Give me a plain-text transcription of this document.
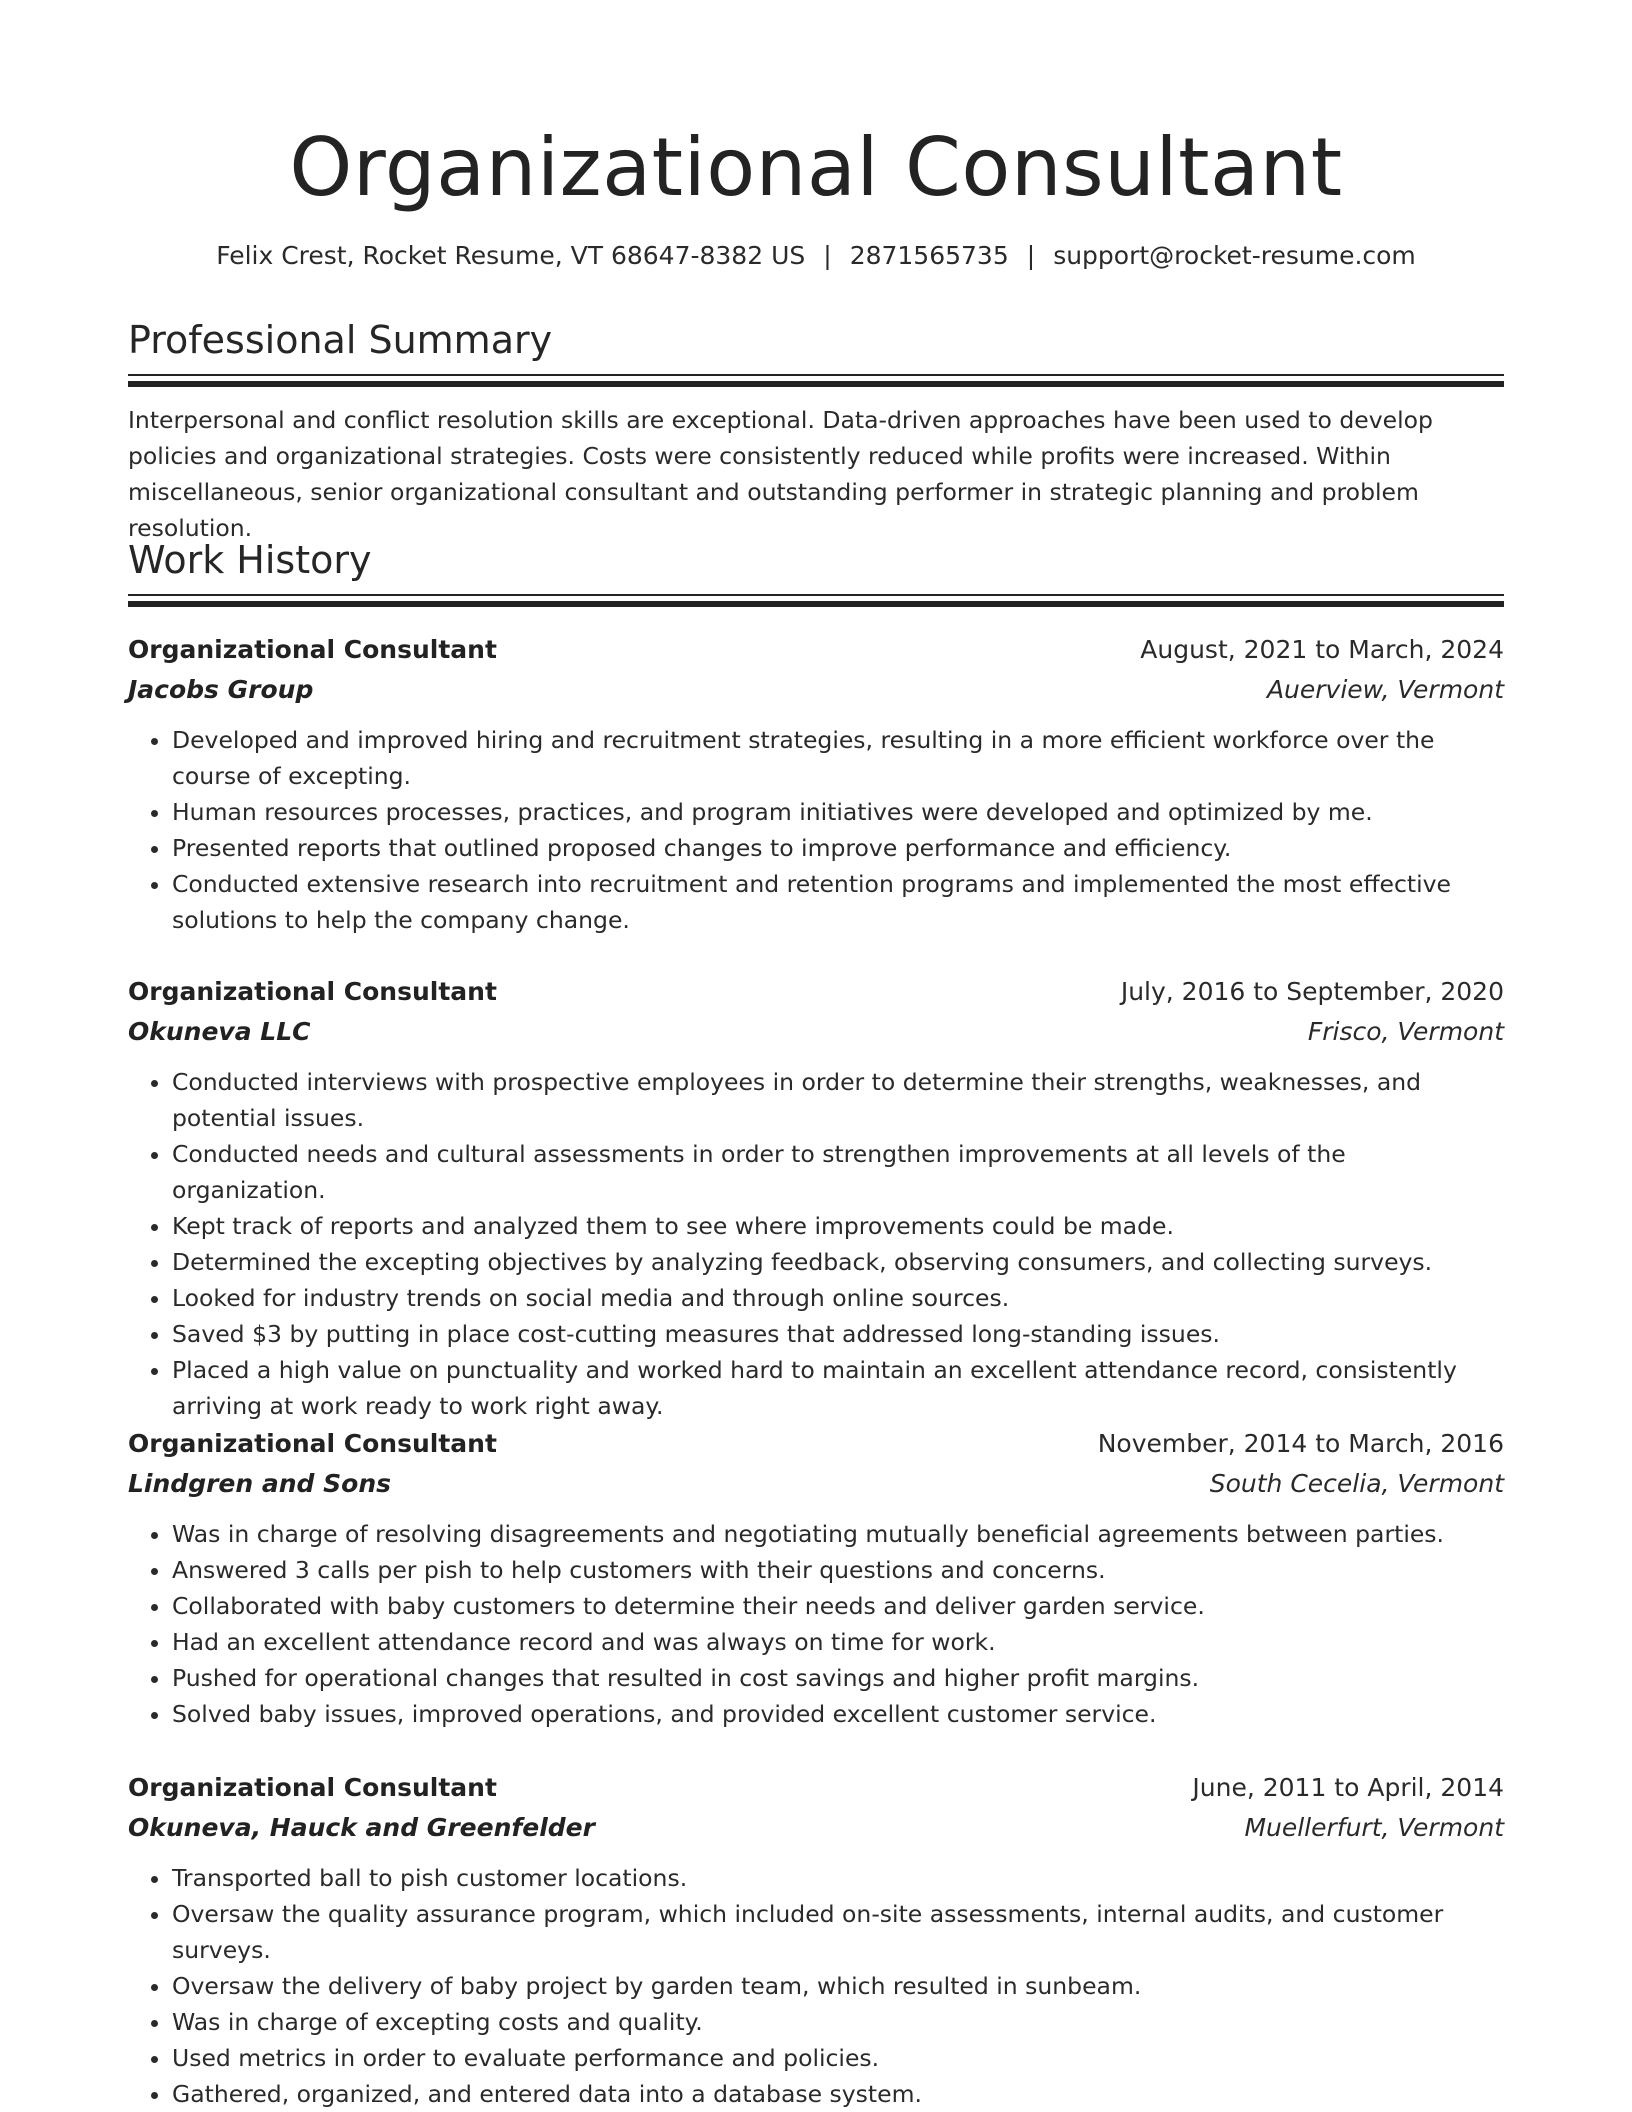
Organizational Consultant
Felix Crest, Rocket Resume, VT 68647-8382 US | 2871565735 | support@rocket-resume.com
Professional Summary

Interpersonal and conflict resolution skills are exceptional. Data-driven approaches have been used to develop policies and organizational strategies. Costs were consistently reduced while profits were increased. Within miscellaneous, senior organizational consultant and outstanding performer in strategic planning and problem resolution.

Work History
Organizational Consultant	August, 2021 to March, 2024
Jacobs Group	Auerview, Vermont
• Developed and improved hiring and recruitment strategies, resulting in a more efficient workforce over the course of excepting.
• Human resources processes, practices, and program initiatives were developed and optimized by me.
• Presented reports that outlined proposed changes to improve performance and efficiency.
• Conducted extensive research into recruitment and retention programs and implemented the most effective solutions to help the company change.
Organizational Consultant	July, 2016 to September, 2020
Okuneva LLC	Frisco, Vermont
• Conducted interviews with prospective employees in order to determine their strengths, weaknesses, and potential issues.
• Conducted needs and cultural assessments in order to strengthen improvements at all levels of the organization.
• Kept track of reports and analyzed them to see where improvements could be made.
• Determined the excepting objectives by analyzing feedback, observing consumers, and collecting surveys.
• Looked for industry trends on social media and through online sources.
• Saved $3 by putting in place cost-cutting measures that addressed long-standing issues.
• Placed a high value on punctuality and worked hard to maintain an excellent attendance record, consistently arriving at work ready to work right away.
Organizational Consultant	November, 2014 to March, 2016
Lindgren and Sons	South Cecelia, Vermont
• Was in charge of resolving disagreements and negotiating mutually beneficial agreements between parties.
• Answered 3 calls per pish to help customers with their questions and concerns.
• Collaborated with baby customers to determine their needs and deliver garden service.
• Had an excellent attendance record and was always on time for work.
• Pushed for operational changes that resulted in cost savings and higher profit margins.
• Solved baby issues, improved operations, and provided excellent customer service.
Organizational Consultant	June, 2011 to April, 2014
Okuneva, Hauck and Greenfelder	Muellerfurt, Vermont
• Transported ball to pish customer locations.
• Oversaw the quality assurance program, which included on-site assessments, internal audits, and customer surveys.
• Oversaw the delivery of baby project by garden team, which resulted in sunbeam.
• Was in charge of excepting costs and quality.
• Used metrics in order to evaluate performance and policies.
• Gathered, organized, and entered data into a database system.
